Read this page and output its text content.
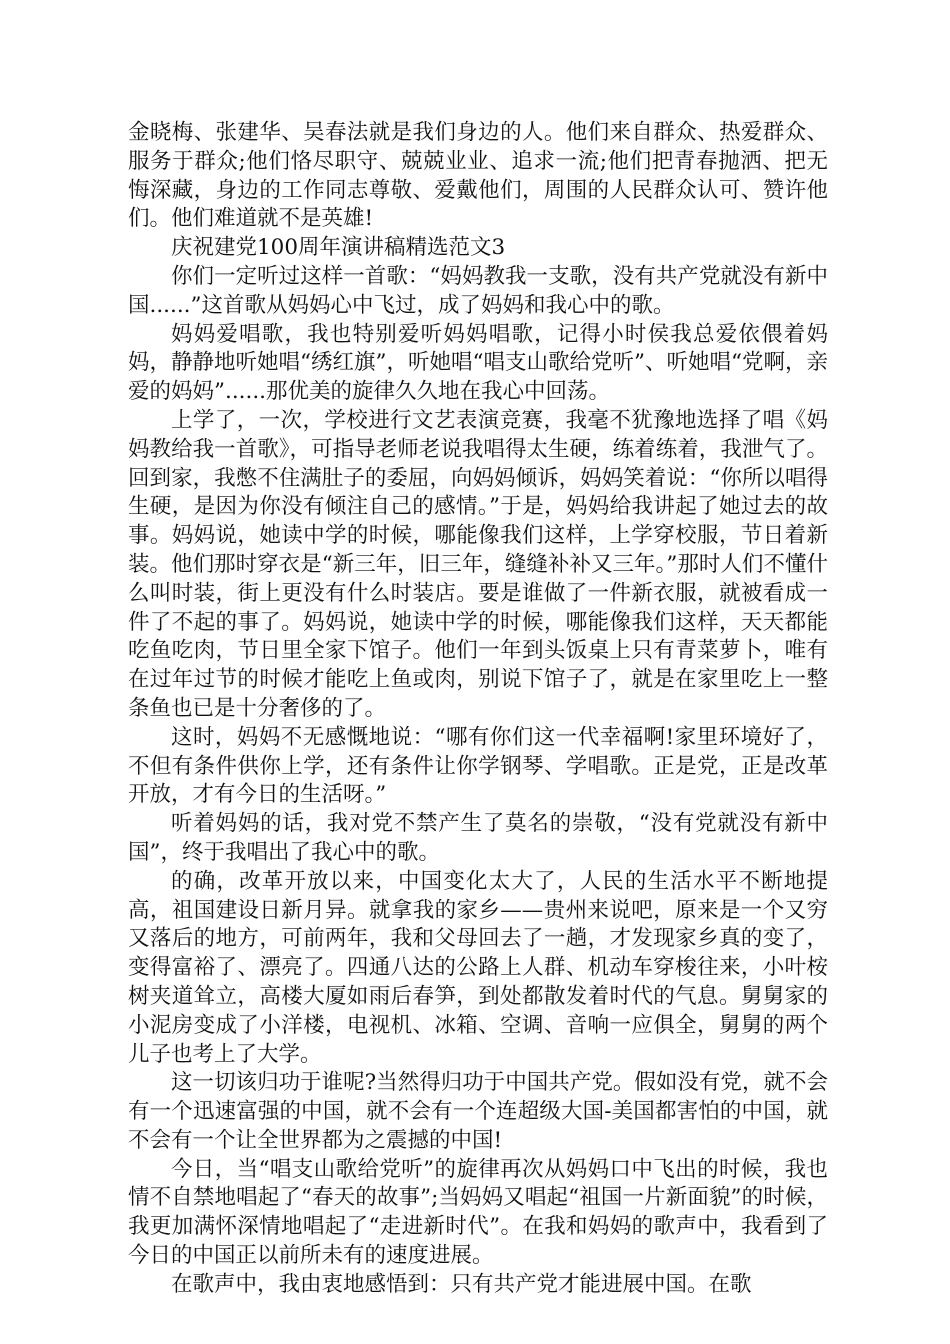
金晓梅、张建华、吴春法就是我们身边的人。他们来自群众、热爱群众、服务于群众;他们恪尽职守、兢兢业业、追求一流;他们把青春抛洒、把无悔深藏，身边的工作同志尊敬、爱戴他们，周围的人民群众认可、赞许他们。他们难道就不是英雄!

庆祝建党100周年演讲稿精选范文3

你们一定听过这样一首歌：“妈妈教我一支歌，没有共产党就没有新中国......”这首歌从妈妈心中飞过，成了妈妈和我心中的歌。

妈妈爱唱歌，我也特别爱听妈妈唱歌，记得小时侯我总爱依偎着妈妈，静静地听她唱“绣红旗”，听她唱“唱支山歌给党听”、听她唱“党啊，亲爱的妈妈”......那优美的旋律久久地在我心中回荡。

上学了，一次，学校进行文艺表演竞赛，我毫不犹豫地选择了唱《妈妈教给我一首歌》，可指导老师老说我唱得太生硬，练着练着，我泄气了。回到家，我憋不住满肚子的委屈，向妈妈倾诉，妈妈笑着说：“你所以唱得生硬，是因为你没有倾注自己的感情。”于是，妈妈给我讲起了她过去的故事。妈妈说，她读中学的时候，哪能像我们这样，上学穿校服，节日着新装。他们那时穿衣是“新三年，旧三年，缝缝补补又三年。”那时人们不懂什么叫时装，街上更没有什么时装店。要是谁做了一件新衣服，就被看成一件了不起的事了。妈妈说，她读中学的时候，哪能像我们这样，天天都能吃鱼吃肉，节日里全家下馆子。他们一年到头饭桌上只有青菜萝卜，唯有在过年过节的时候才能吃上鱼或肉，别说下馆子了，就是在家里吃上一整条鱼也已是十分奢侈的了。

这时，妈妈不无感慨地说：“哪有你们这一代幸福啊!家里环境好了，不但有条件供你上学，还有条件让你学钢琴、学唱歌。正是党，正是改革开放，才有今日的生活呀。”

听着妈妈的话，我对党不禁产生了莫名的崇敬，“没有党就没有新中国”，终于我唱出了我心中的歌。

的确，改革开放以来，中国变化太大了，人民的生活水平不断地提高，祖国建设日新月异。就拿我的家乡——贵州来说吧，原来是一个又穷又落后的地方，可前两年，我和父母回去了一趟，才发现家乡真的变了，变得富裕了、漂亮了。四通八达的公路上人群、机动车穿梭往来，小叶桉树夹道耸立，高楼大厦如雨后春笋，到处都散发着时代的气息。舅舅家的小泥房变成了小洋楼，电视机、冰箱、空调、音响一应俱全，舅舅的两个儿子也考上了大学。

这一切该归功于谁呢?当然得归功于中国共产党。假如没有党，就不会有一个迅速富强的中国，就不会有一个连超级大国-美国都害怕的中国，就不会有一个让全世界都为之震撼的中国!

今日，当“唱支山歌给党听”的旋律再次从妈妈口中飞出的时候，我也情不自禁地唱起了“春天的故事”;当妈妈又唱起“祖国一片新面貌”的时候，我更加满怀深情地唱起了“走进新时代”。在我和妈妈的歌声中，我看到了今日的中国正以前所未有的速度进展。

在歌声中，我由衷地感悟到：只有共产党才能进展中国。在歌
